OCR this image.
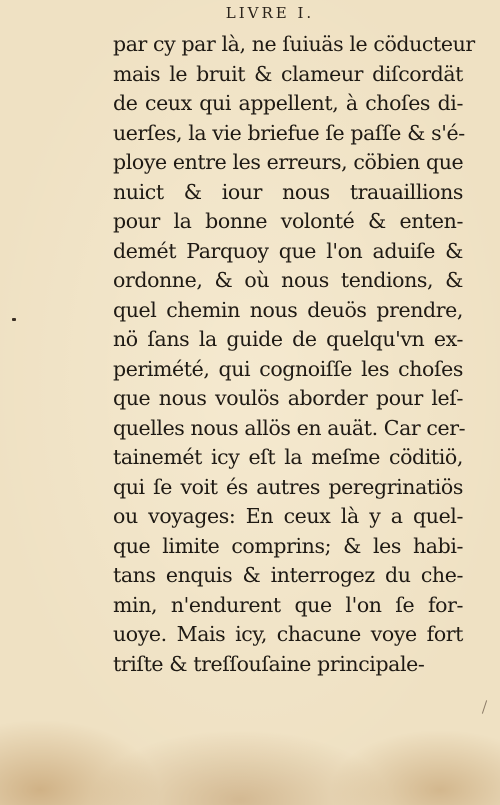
LIVRE I.
par cy par là, ne ſuiuäs le cöducteur
mais le bruit & clameur diſcordät
de ceux qui appellent, à choſes di-
uerſes, la vie briefue ſe paſſe & s'é-
ploye entre les erreurs, cöbien que
nuict & iour nous trauaillions
pour la bonne volonté & enten-
demét Parquoy que l'on aduiſe &
ordonne, & où nous tendions, &
quel chemin nous deuös prendre,
nö ſans la guide de quelqu'vn ex-
perimété, qui cognoiſſe les choſes
que nous voulös aborder pour leſ-
quelles nous allös en auät. Car cer-
tainemét icy eſt la meſme cöditiö,
qui ſe voit és autres peregrinatiös
ou voyages: En ceux là y a quel-
que limite comprins; & les habi-
tans enquis & interrogez du che-
min, n'endurent que l'on ſe for-
uoye. Mais icy, chacune voye fort
triſte & treſſouſaine principale-
